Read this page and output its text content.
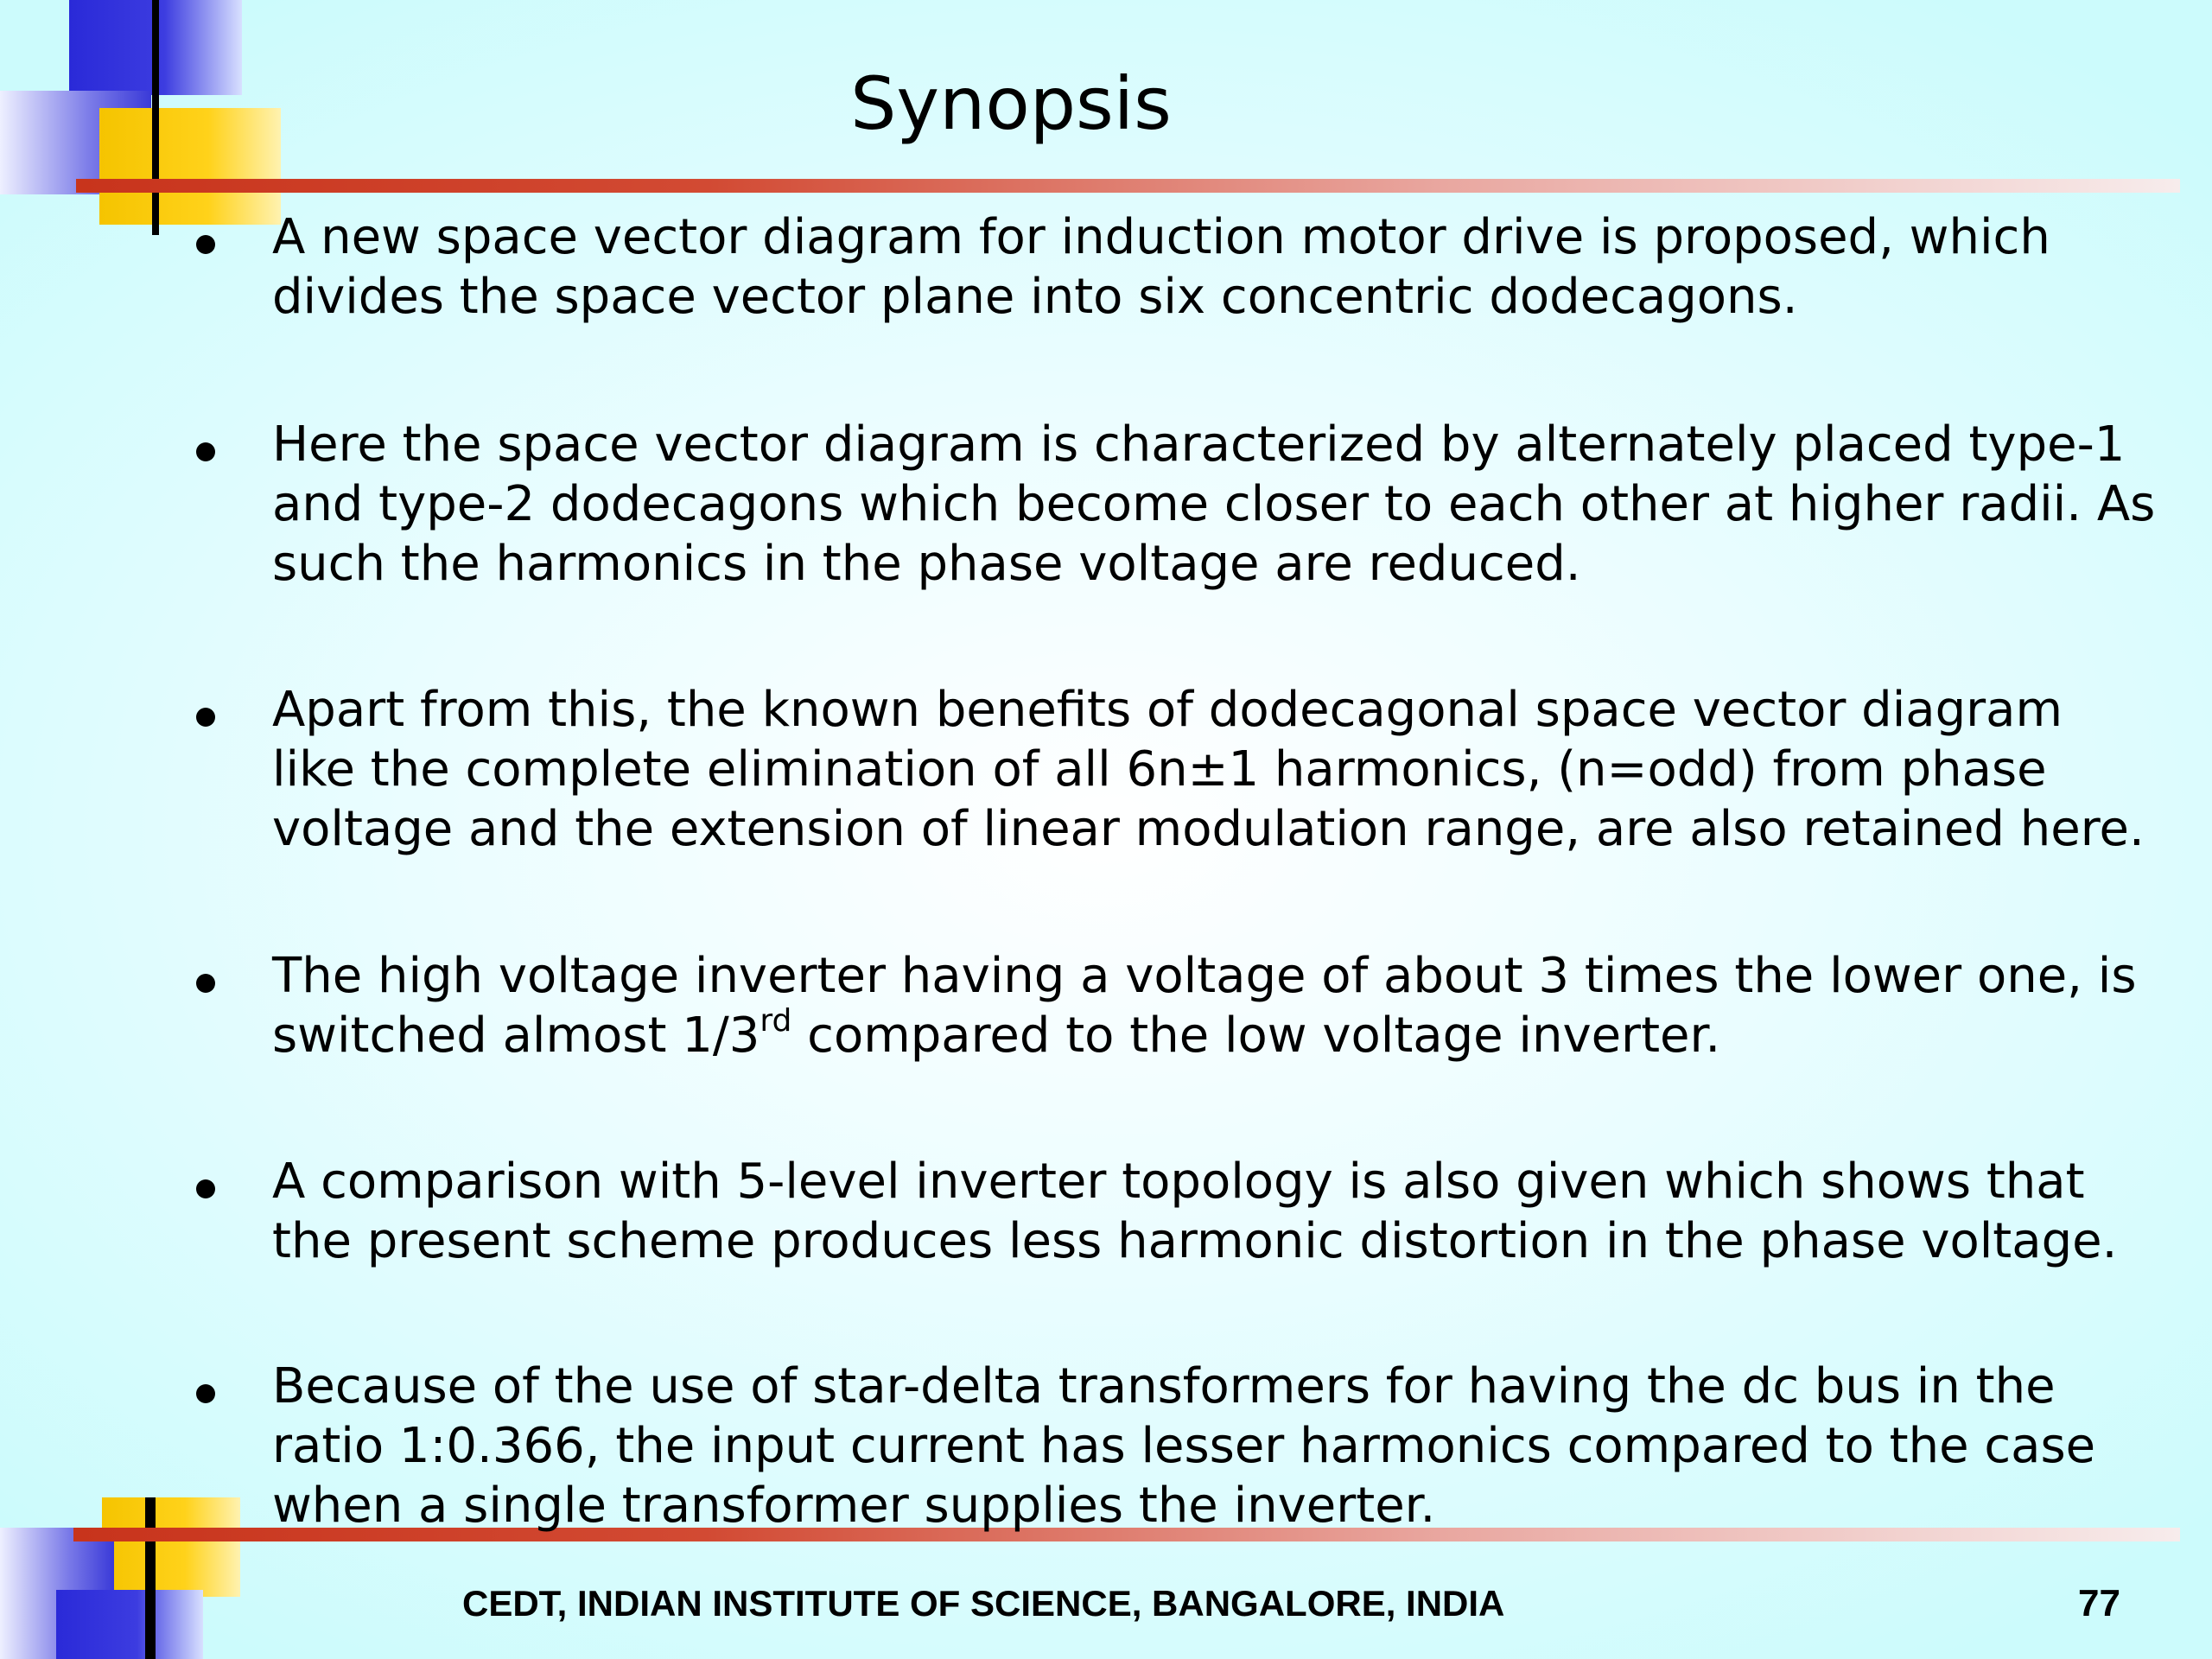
Synopsis
A new space vector diagram for induction motor drive is proposed, which
divides the space vector plane into six concentric dodecagons.
Here the space vector diagram is characterized by alternately placed type-1
and type-2 dodecagons which become closer to each other at higher radii. As
such the harmonics in the phase voltage are reduced.
Apart from this, the known benefits of dodecagonal space vector diagram
like the complete elimination of all 6n±1 harmonics, (n=odd) from phase
voltage and the extension of linear modulation range, are also retained here.
The high voltage inverter having a voltage of about 3 times the lower one, is
switched almost 1/3rd compared to the low voltage inverter.
A comparison with 5-level inverter topology is also given which shows that
the present scheme produces less harmonic distortion in the phase voltage.
Because of the use of star-delta transformers for having the dc bus in the
ratio 1:0.366, the input current has lesser harmonics compared to the case
when a single transformer supplies the inverter.
CEDT, INDIAN INSTITUTE OF SCIENCE, BANGALORE, INDIA	77
